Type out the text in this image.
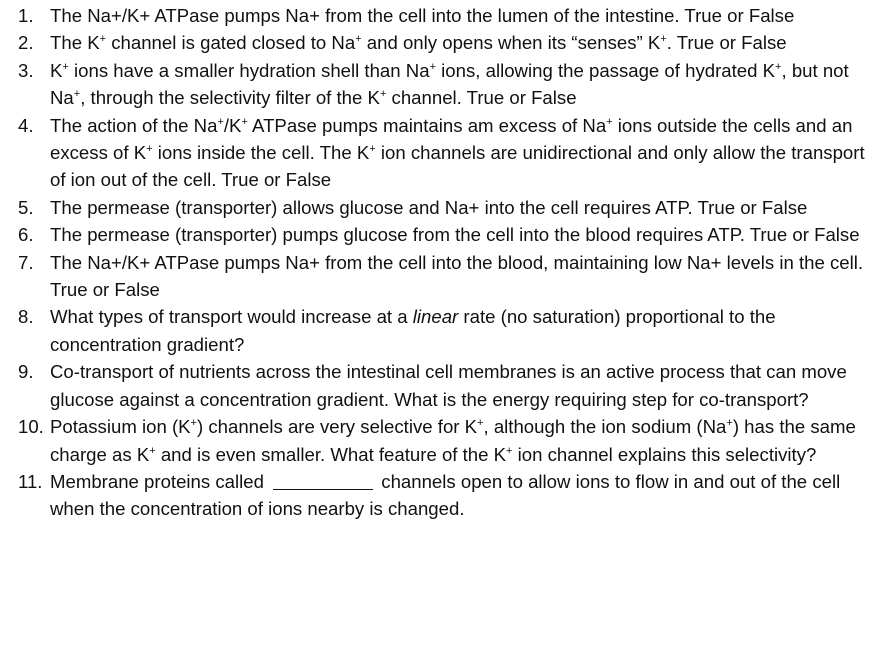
1. The Na+/K+ ATPase pumps Na+ from the cell into the lumen of the intestine. True or False
2. The K+ channel is gated closed to Na+ and only opens when its “senses” K+. True or False
3. K+ ions have a smaller hydration shell than Na+ ions, allowing the passage of hydrated K+, but not Na+, through the selectivity filter of the K+ channel. True or False
4. The action of the Na+/K+ ATPase pumps maintains am excess of Na+ ions outside the cells and an excess of K+ ions inside the cell. The K+ ion channels are unidirectional and only allow the transport of ion out of the cell. True or False
5. The permease (transporter) allows glucose and Na+ into the cell requires ATP. True or False
6. The permease (transporter) pumps glucose from the cell into the blood requires ATP. True or False
7. The Na+/K+ ATPase pumps Na+ from the cell into the blood, maintaining low Na+ levels in the cell. True or False
8. What types of transport would increase at a linear rate (no saturation) proportional to the concentration gradient?
9. Co-transport of nutrients across the intestinal cell membranes is an active process that can move glucose against a concentration gradient. What is the energy requiring step for co-transport?
10. Potassium ion (K+) channels are very selective for K+, although the ion sodium (Na+) has the same charge as K+ and is even smaller. What feature of the K+ ion channel explains this selectivity?
11. Membrane proteins called	channels open to allow ions to flow in and out of the cell when the concentration of ions nearby is changed.
